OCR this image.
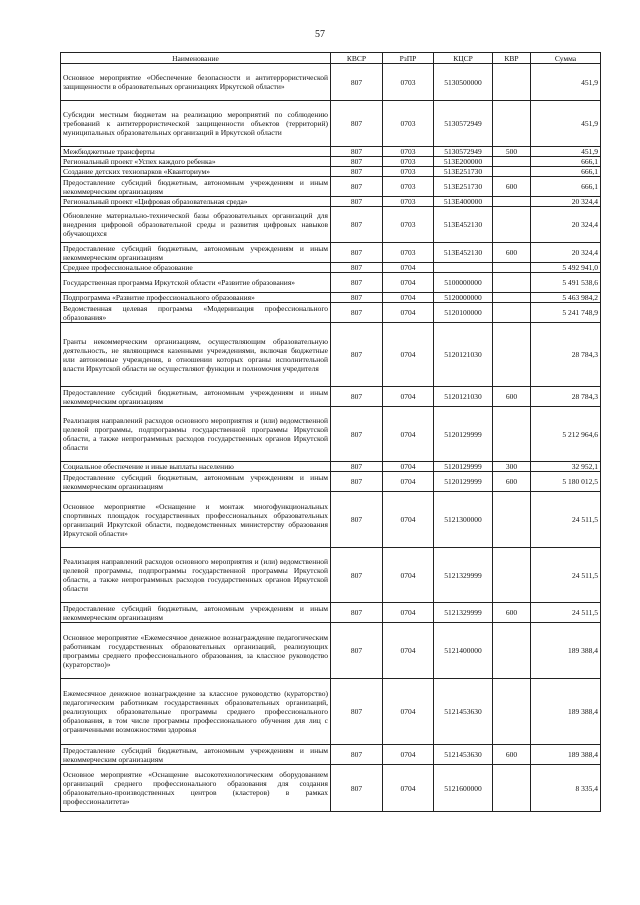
57
Наименование	КВСР	РзПР	КЦСР	КВР	Сумма
Основное мероприятие «Обеспечение безопасности и антитеррористической защищенности в образовательных организациях Иркутской области»	807	0703	5130500000		451,9
Субсидии местным бюджетам на реализацию мероприятий по соблюдению требований к антитеррористической защищенности объектов (территорий) муниципальных образовательных организаций в Иркутской области	807	0703	5130572949		451,9
Межбюджетные трансферты	807	0703	5130572949	500	451,9
Региональный проект «Успех каждого ребенка»	807	0703	513E200000		666,1
Создание детских технопарков «Кванториум»	807	0703	513E251730		666,1
Предоставление субсидий бюджетным, автономным учреждениям и иным некоммерческим организациям	807	0703	513E251730	600	666,1
Региональный проект «Цифровая образовательная среда»	807	0703	513E400000		20 324,4
Обновление материально-технической базы образовательных организаций для внедрения цифровой образовательной среды и развития цифровых навыков обучающихся	807	0703	513E452130		20 324,4
Предоставление субсидий бюджетным, автономным учреждениям и иным некоммерческим организациям	807	0703	513E452130	600	20 324,4
Среднее профессиональное образование	807	0704			5 492 941,0
Государственная программа Иркутской области «Развитие образования»	807	0704	5100000000		5 491 538,6
Подпрограмма «Развитие профессионального образования»	807	0704	5120000000		5 463 984,2
Ведомственная целевая программа «Модернизация профессионального образования»	807	0704	5120100000		5 241 748,9
Гранты некоммерческим организациям, осуществляющим образовательную деятельность, не являющимся казенными учреждениями, включая бюджетные или автономные учреждения, в отношении которых органы исполнительной власти Иркутской области не осуществляют функции и полномочия учредителя	807	0704	5120121030		28 784,3
Предоставление субсидий бюджетным, автономным учреждениям и иным некоммерческим организациям	807	0704	5120121030	600	28 784,3
Реализация направлений расходов основного мероприятия и (или) ведомственной целевой программы, подпрограммы государственной программы Иркутской области, а также непрограммных расходов государственных органов Иркутской области	807	0704	5120129999		5 212 964,6
Социальное обеспечение и иные выплаты населению	807	0704	5120129999	300	32 952,1
Предоставление субсидий бюджетным, автономным учреждениям и иным некоммерческим организациям	807	0704	5120129999	600	5 180 012,5
Основное мероприятие «Оснащение и монтаж многофункциональных спортивных площадок государственных профессиональных образовательных организаций Иркутской области, подведомственных министерству образования Иркутской области»	807	0704	5121300000		24 511,5
Реализация направлений расходов основного мероприятия и (или) ведомственной целевой программы, подпрограммы государственной программы Иркутской области, а также непрограммных расходов государственных органов Иркутской области	807	0704	5121329999		24 511,5
Предоставление субсидий бюджетным, автономным учреждениям и иным некоммерческим организациям	807	0704	5121329999	600	24 511,5
Основное мероприятие «Ежемесячное денежное вознаграждение педагогическим работникам государственных образовательных организаций, реализующих программы среднего профессионального образования, за классное руководство (кураторство)»	807	0704	5121400000		189 388,4
Ежемесячное денежное вознаграждение за классное руководство (кураторство) педагогическим работникам государственных образовательных организаций, реализующих образовательные программы среднего профессионального образования, в том числе программы профессионального обучения для лиц с ограниченными возможностями здоровья	807	0704	5121453630		189 388,4
Предоставление субсидий бюджетным, автономным учреждениям и иным некоммерческим организациям	807	0704	5121453630	600	189 388,4
Основное мероприятие «Оснащение высокотехнологическим оборудованием организаций среднего профессионального образования для создания образовательно-производственных центров (кластеров) в рамках профессионалитета»	807	0704	5121600000		8 335,4
